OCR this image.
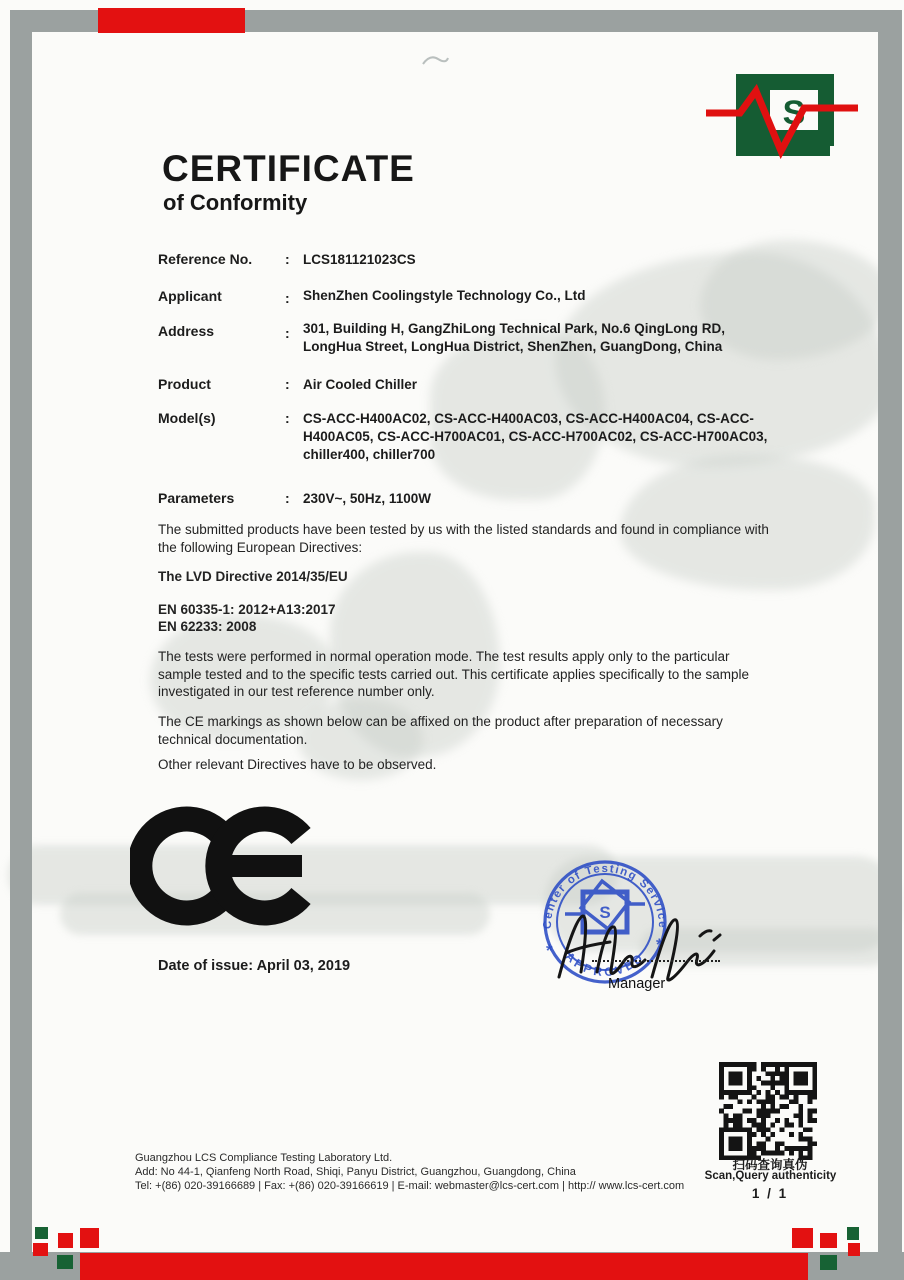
S
CERTIFICATE
of Conformity
Reference No.	: LCS181121023CS
Applicant	: ShenZhen Coolingstyle Technology Co., Ltd
Address	: 301, Building H, GangZhiLong Technical Park, No.6 QingLong RD, LongHua Street, LongHua District, ShenZhen, GuangDong, China
Product	: Air Cooled Chiller
Model(s)	: CS-ACC-H400AC02, CS-ACC-H400AC03, CS-ACC-H400AC04, CS-ACC-H400AC05, CS-ACC-H700AC01, CS-ACC-H700AC02, CS-ACC-H700AC03, chiller400, chiller700
Parameters	: 230V~, 50Hz, 1100W
The submitted products have been tested by us with the listed standards and found in compliance with the following European Directives:
The LVD Directive 2014/35/EU
EN 60335-1: 2012+A13:2017
EN 62233: 2008
The tests were performed in normal operation mode. The test results apply only to the particular sample tested and to the specific tests carried out. This certificate applies specifically to the sample investigated in our test reference number only.
The CE markings as shown below can be affixed on the product after preparation of necessary technical documentation.
Other relevant Directives have to be observed.
Date of issue: April 03, 2019
Center of Testing Service
APPROVED
*	*
S
Manager
扫码查询真伪
Scan,Query authenticity
1 / 1
Guangzhou LCS Compliance Testing Laboratory Ltd.
Add: No 44-1, Qianfeng North Road, Shiqi, Panyu District, Guangzhou, Guangdong, China
Tel: +(86) 020-39166689 | Fax: +(86) 020-39166619 | E-mail: webmaster@lcs-cert.com | http:// www.lcs-cert.com
